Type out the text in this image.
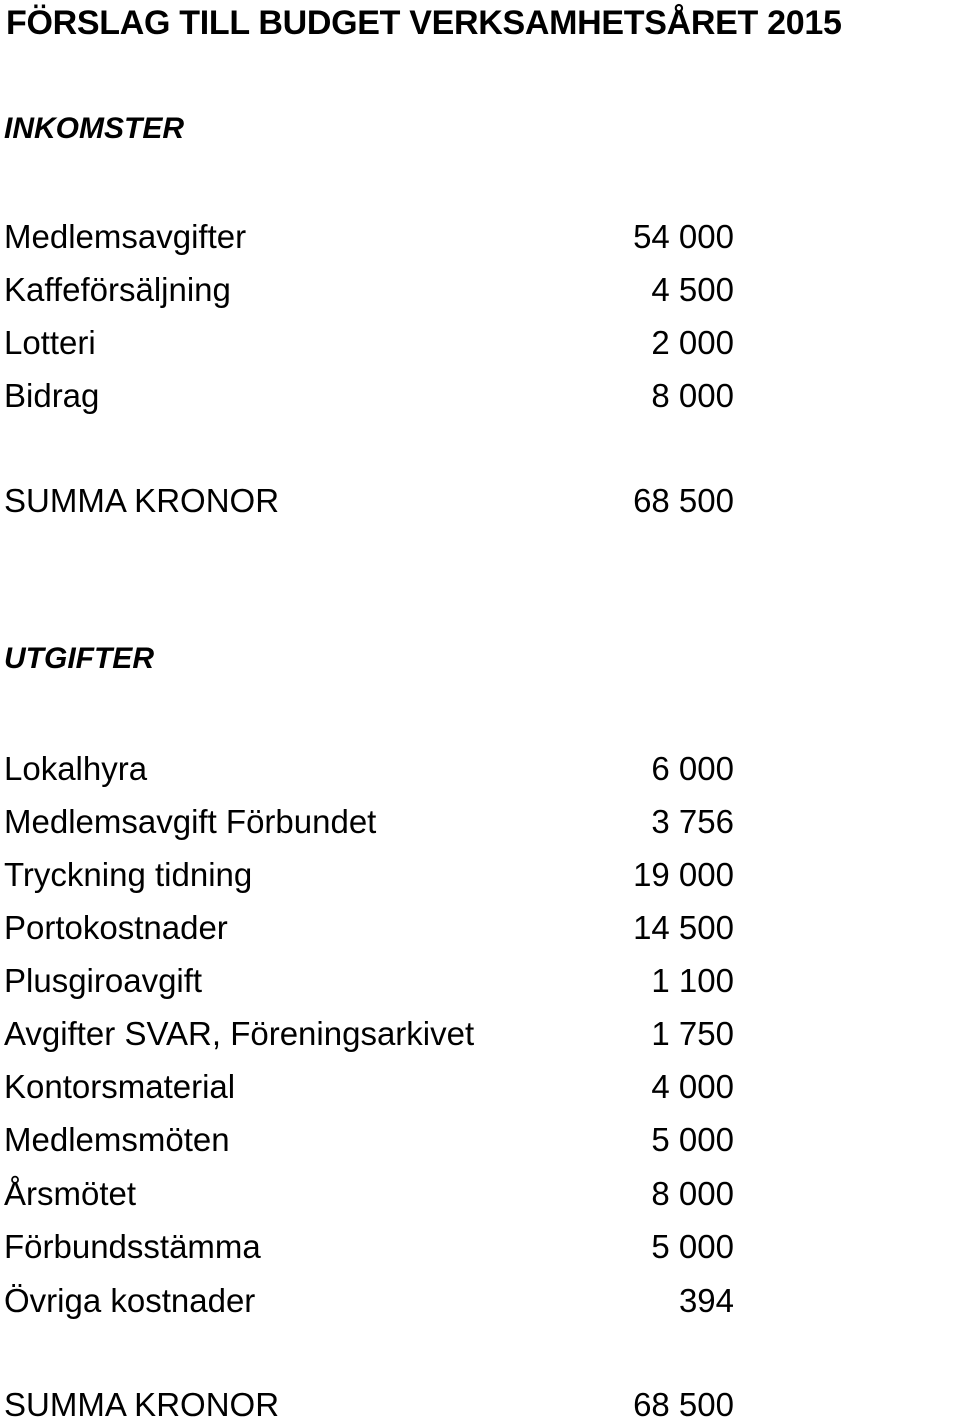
FÖRSLAG TILL BUDGET VERKSAMHETSÅRET 2015
INKOMSTER
Medlemsavgifter	54 000
Kaffeförsäljning	4 500
Lotteri	2 000
Bidrag	8 000
SUMMA KRONOR	68 500
UTGIFTER
Lokalhyra	6 000
Medlemsavgift Förbundet	3 756
Tryckning tidning	19 000
Portokostnader	14 500
Plusgiroavgift	1 100
Avgifter SVAR, Föreningsarkivet	1 750
Kontorsmaterial	4 000
Medlemsmöten	5 000
Årsmötet	8 000
Förbundsstämma	5 000
Övriga kostnader	394
SUMMA KRONOR	68 500
